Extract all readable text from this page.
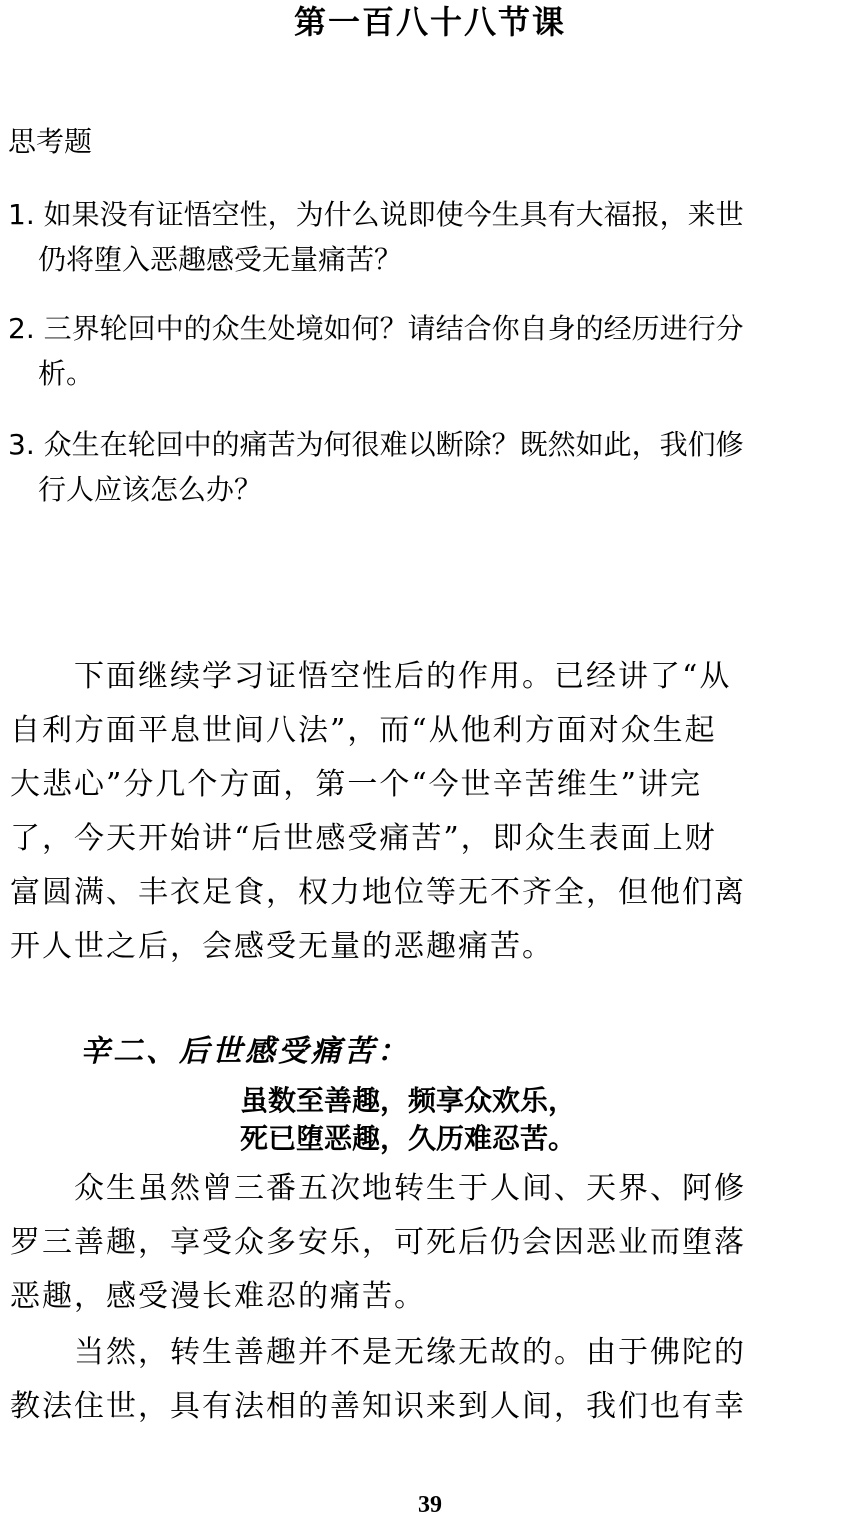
第一百八十八节课
思考题
1. 如果没有证悟空性，为什么说即使今生具有大福报，来世
仍将堕入恶趣感受无量痛苦？
2. 三界轮回中的众生处境如何？请结合你自身的经历进行分
析。
3. 众生在轮回中的痛苦为何很难以断除？既然如此，我们修
行人应该怎么办？
　　下面继续学习证悟空性后的作用。已经讲了“从
自利方面平息世间八法”，而“从他利方面对众生起
大悲心”分几个方面，第一个“今世辛苦维生”讲完
了，今天开始讲“后世感受痛苦”，即众生表面上财
富圆满、丰衣足食，权力地位等无不齐全，但他们离
开人世之后，会感受无量的恶趣痛苦。
辛二、后世感受痛苦：
虽数至善趣，频享众欢乐，
死已堕恶趣，久历难忍苦。
　　众生虽然曾三番五次地转生于人间、天界、阿修
罗三善趣，享受众多安乐，可死后仍会因恶业而堕落
恶趣，感受漫长难忍的痛苦。
　　当然，转生善趣并不是无缘无故的。由于佛陀的
教法住世，具有法相的善知识来到人间，我们也有幸
39
